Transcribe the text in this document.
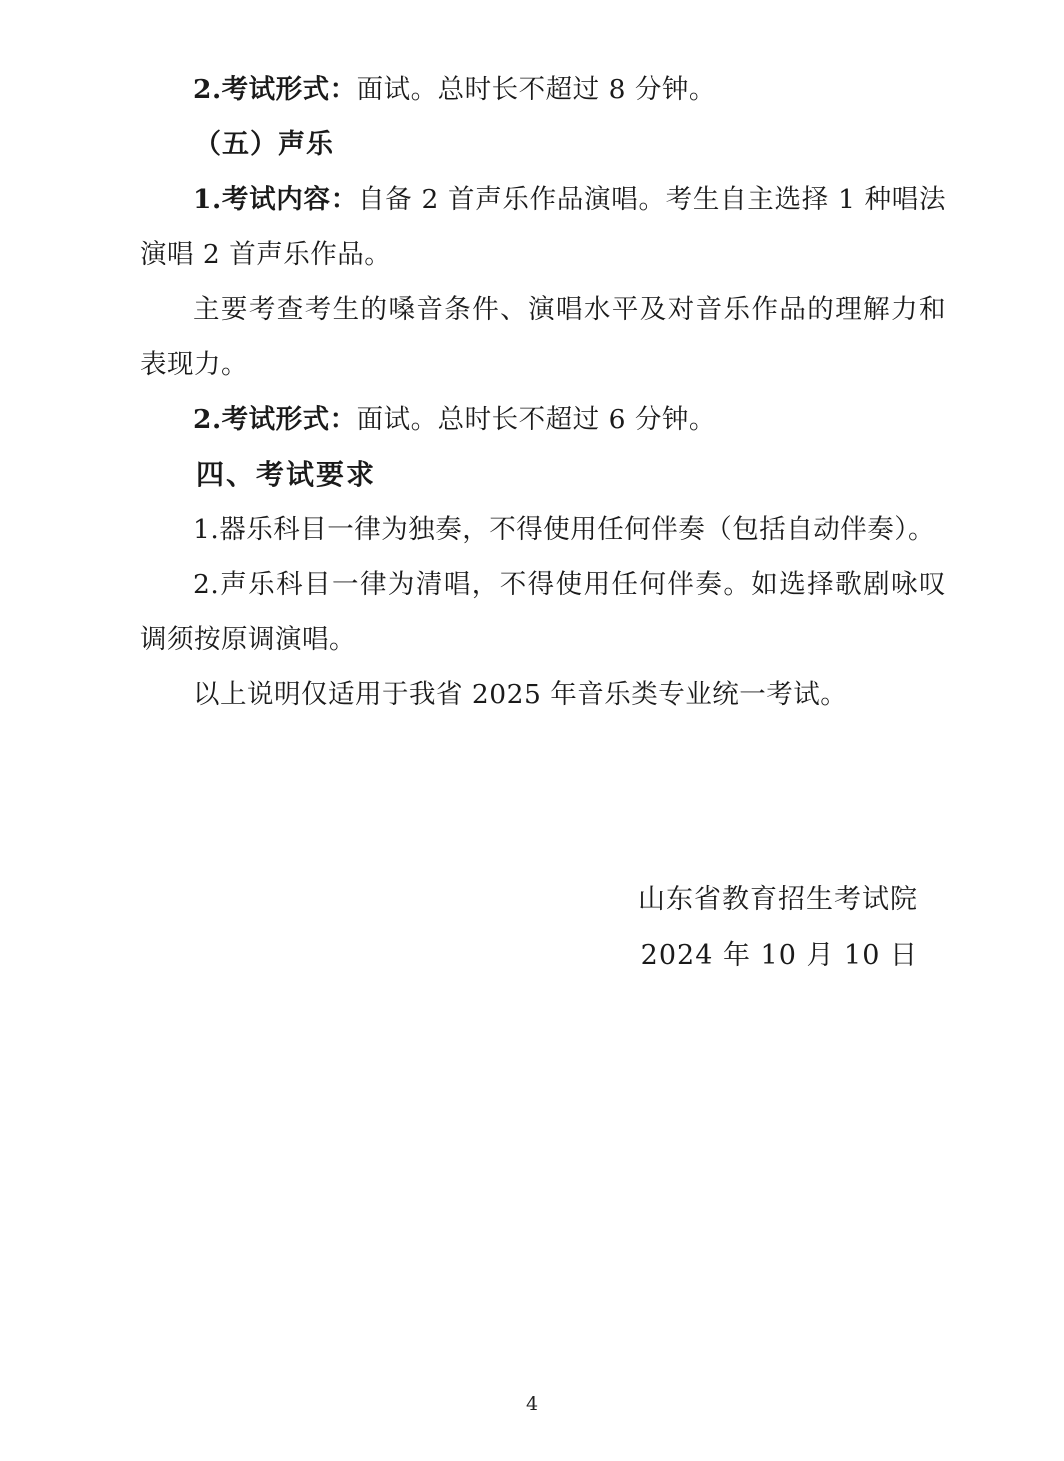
2.考试形式：面试。总时长不超过 8 分钟。

（五）声乐

1.考试内容：自备 2 首声乐作品演唱。考生自主选择 1 种唱法演唱 2 首声乐作品。

主要考查考生的嗓音条件、演唱水平及对音乐作品的理解力和表现力。

2.考试形式：面试。总时长不超过 6 分钟。

四、考试要求

1.器乐科目一律为独奏，不得使用任何伴奏（包括自动伴奏）。

2.声乐科目一律为清唱，不得使用任何伴奏。如选择歌剧咏叹调须按原调演唱。

以上说明仅适用于我省 2025 年音乐类专业统一考试。

山东省教育招生考试院
2024 年 10 月 10 日
4
